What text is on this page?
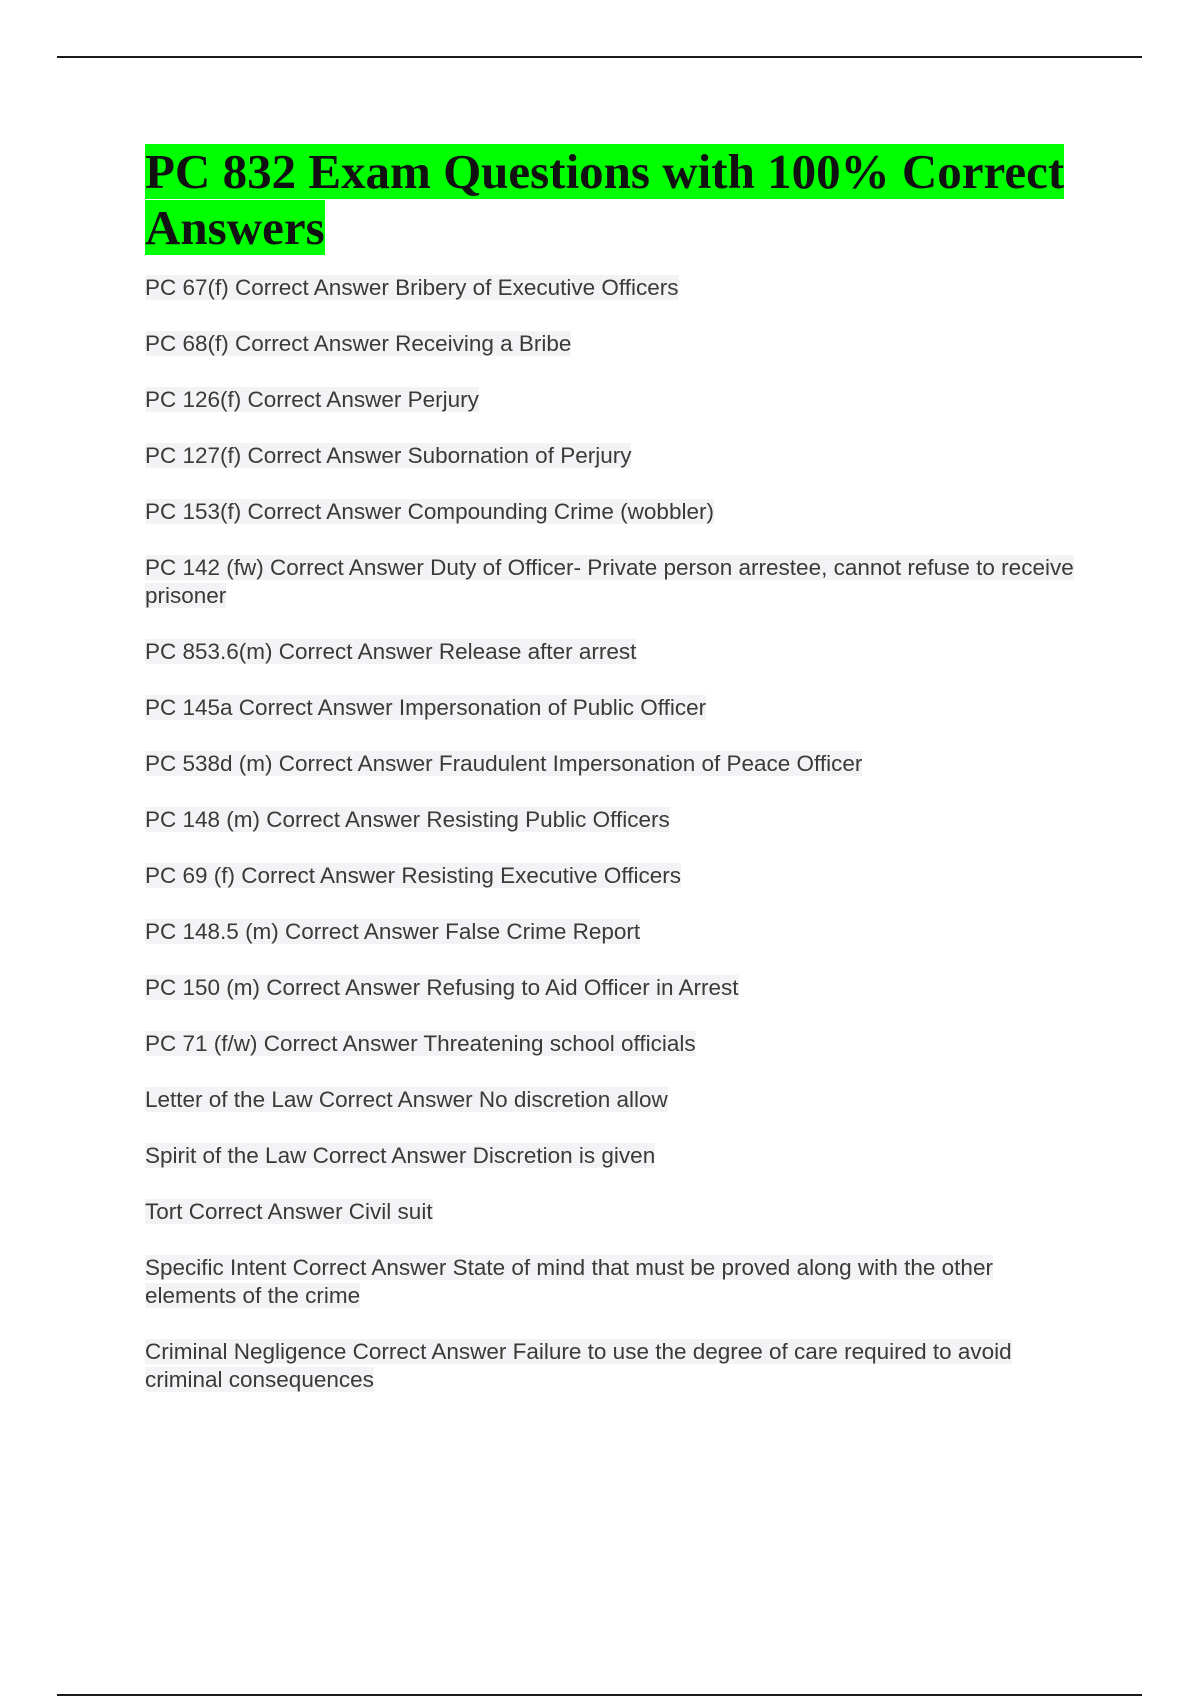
PC 832 Exam Questions with 100% Correct Answers
PC 67(f) Correct Answer Bribery of Executive Officers
PC 68(f) Correct Answer Receiving a Bribe
PC 126(f) Correct Answer Perjury
PC 127(f) Correct Answer Subornation of Perjury
PC 153(f) Correct Answer Compounding Crime (wobbler)
PC 142 (fw) Correct Answer Duty of Officer- Private person arrestee, cannot refuse to receive prisoner
PC 853.6(m) Correct Answer Release after arrest
PC 145a Correct Answer Impersonation of Public Officer
PC 538d (m) Correct Answer Fraudulent Impersonation of Peace Officer
PC 148 (m) Correct Answer Resisting Public Officers
PC 69 (f) Correct Answer Resisting Executive Officers
PC 148.5 (m) Correct Answer False Crime Report
PC 150 (m) Correct Answer Refusing to Aid Officer in Arrest
PC 71 (f/w) Correct Answer Threatening school officials
Letter of the Law Correct Answer No discretion allow
Spirit of the Law Correct Answer Discretion is given
Tort Correct Answer Civil suit
Specific Intent Correct Answer State of mind that must be proved along with the other elements of the crime
Criminal Negligence Correct Answer Failure to use the degree of care required to avoid criminal consequences
